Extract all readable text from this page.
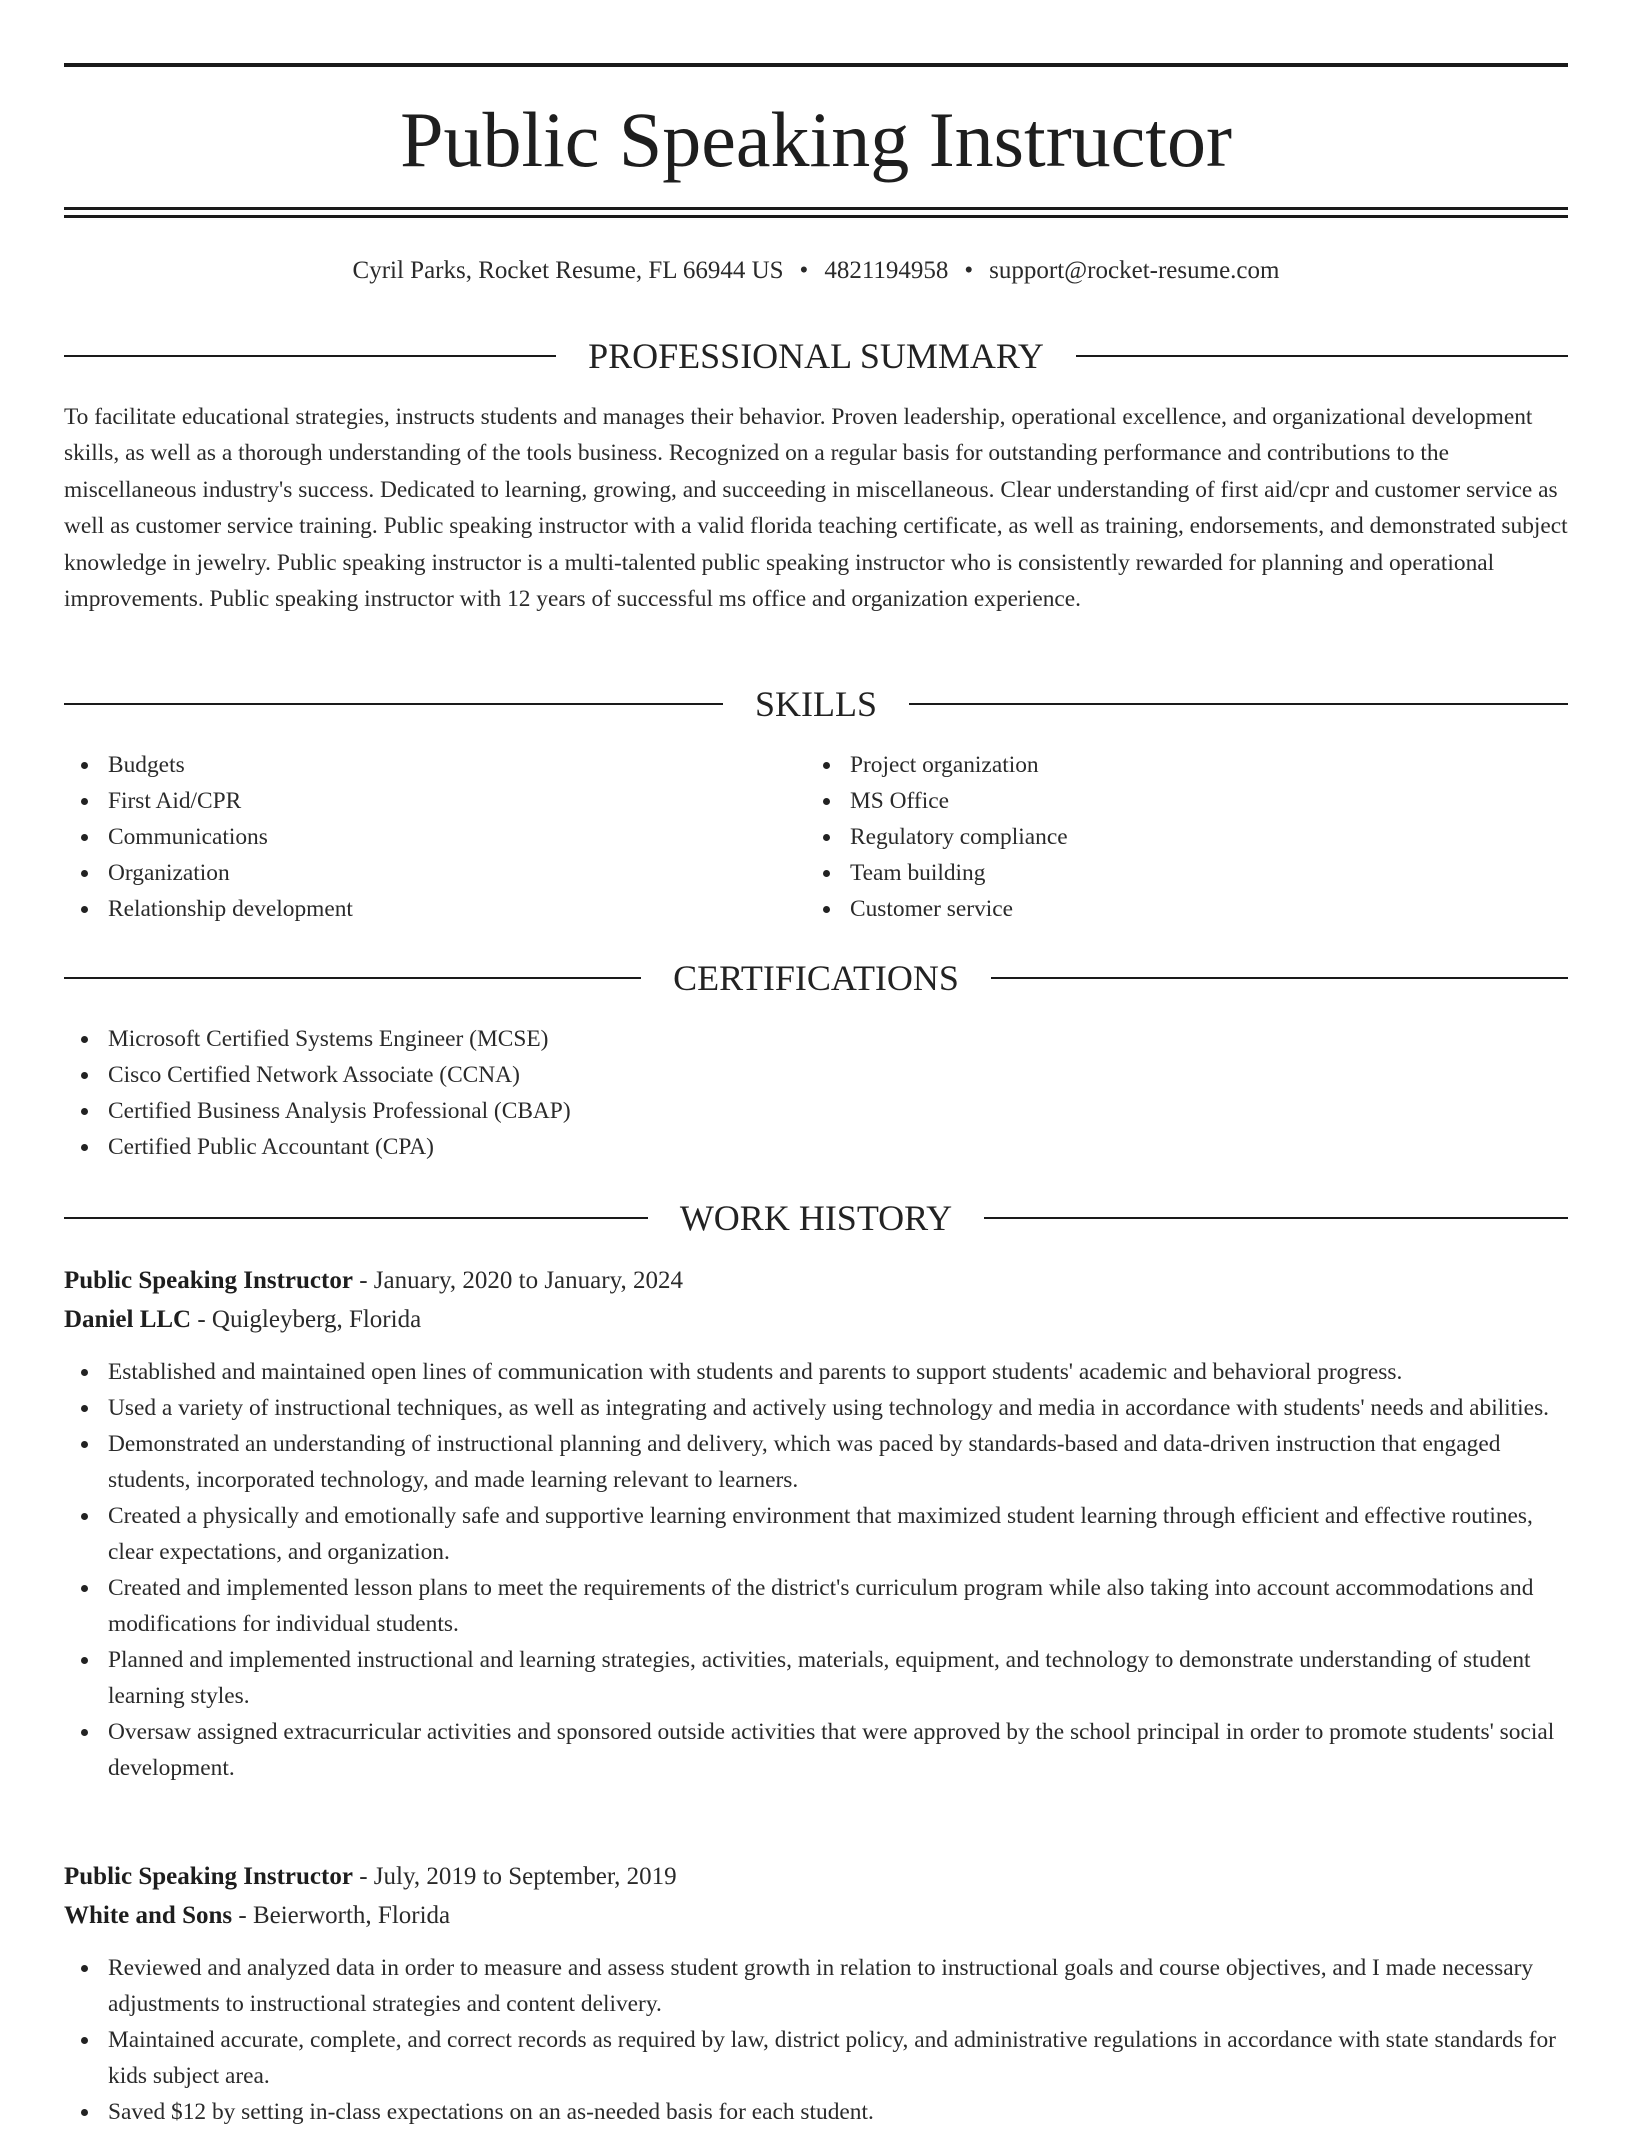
Public Speaking Instructor
Cyril Parks, Rocket Resume, FL 66944 US • 4821194958 • support@rocket-resume.com
PROFESSIONAL SUMMARY

To facilitate educational strategies, instructs students and manages their behavior. Proven leadership, operational excellence, and organizational development skills, as well as a thorough understanding of the tools business. Recognized on a regular basis for outstanding performance and contributions to the miscellaneous industry's success. Dedicated to learning, growing, and succeeding in miscellaneous. Clear understanding of first aid/cpr and customer service as well as customer service training. Public speaking instructor with a valid florida teaching certificate, as well as training, endorsements, and demonstrated subject knowledge in jewelry. Public speaking instructor is a multi-talented public speaking instructor who is consistently rewarded for planning and operational improvements. Public speaking instructor with 12 years of successful ms office and organization experience.

SKILLS
Budgets
First Aid/CPR
Communications
Organization
Relationship development
Project organization
MS Office
Regulatory compliance
Team building
Customer service
CERTIFICATIONS
Microsoft Certified Systems Engineer (MCSE)
Cisco Certified Network Associate (CCNA)
Certified Business Analysis Professional (CBAP)
Certified Public Accountant (CPA)
WORK HISTORY
Public Speaking Instructor - January, 2020 to January, 2024
Daniel LLC - Quigleyberg, Florida
Established and maintained open lines of communication with students and parents to support students' academic and behavioral progress.
Used a variety of instructional techniques, as well as integrating and actively using technology and media in accordance with students' needs and abilities.
Demonstrated an understanding of instructional planning and delivery, which was paced by standards-based and data-driven instruction that engaged students, incorporated technology, and made learning relevant to learners.
Created a physically and emotionally safe and supportive learning environment that maximized student learning through efficient and effective routines, clear expectations, and organization.
Created and implemented lesson plans to meet the requirements of the district's curriculum program while also taking into account accommodations and modifications for individual students.
Planned and implemented instructional and learning strategies, activities, materials, equipment, and technology to demonstrate understanding of student learning styles.
Oversaw assigned extracurricular activities and sponsored outside activities that were approved by the school principal in order to promote students' social development.
Public Speaking Instructor - July, 2019 to September, 2019
White and Sons - Beierworth, Florida
Reviewed and analyzed data in order to measure and assess student growth in relation to instructional goals and course objectives, and I made necessary adjustments to instructional strategies and content delivery.
Maintained accurate, complete, and correct records as required by law, district policy, and administrative regulations in accordance with state standards for kids subject area.
Saved $12 by setting in-class expectations on an as-needed basis for each student.
